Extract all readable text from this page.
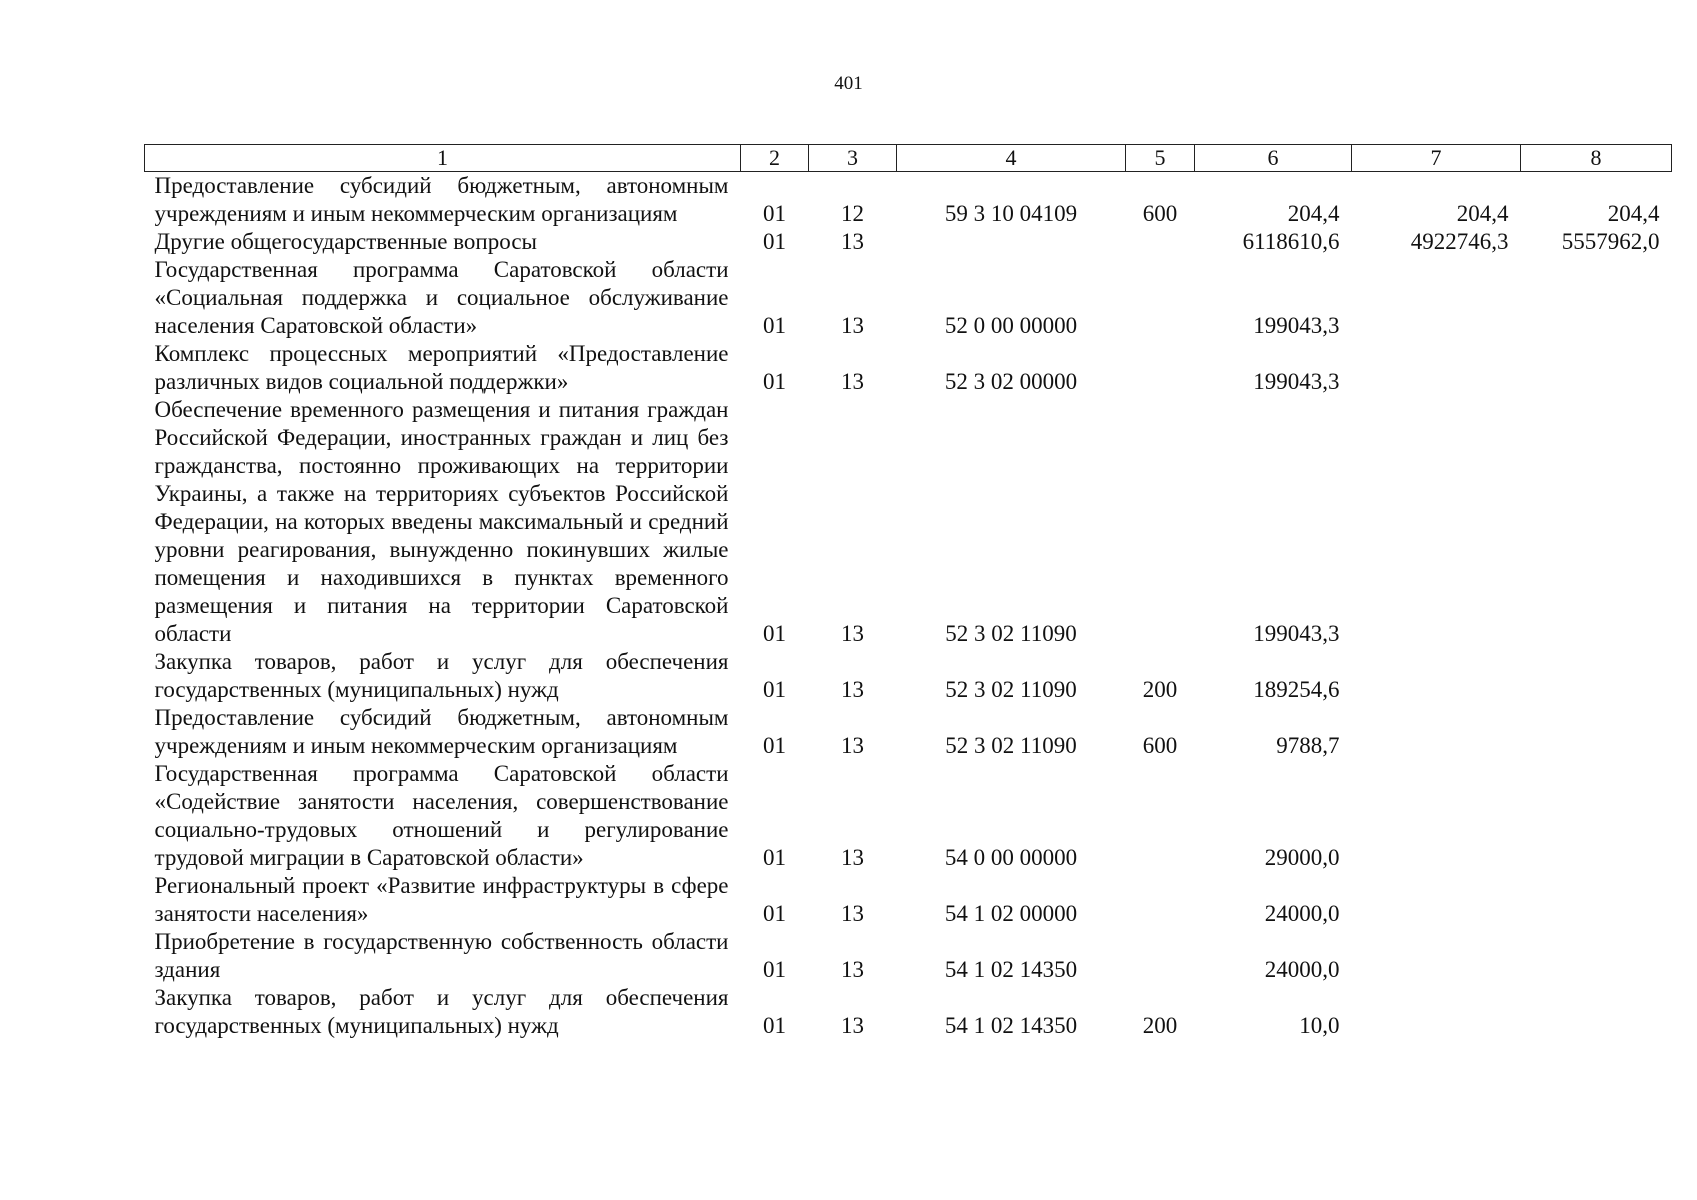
401
1	2	3	4	5	6	7	8
Предоставление субсидий бюджетным, автономным учреждениям и иным некоммерческим организациям	01	12	59 3 10 04109	600	204,4	204,4	204,4
Другие общегосударственные вопросы	01	13			6118610,6	4922746,3	5557962,0
Государственная программа Саратовской области «Социальная поддержка и социальное обслуживание населения Саратовской области»	01	13	52 0 00 00000		199043,3		
Комплекс процессных мероприятий «Предоставление различных видов социальной поддержки»	01	13	52 3 02 00000		199043,3		
Обеспечение временного размещения и питания граждан Российской Федерации, иностранных граждан и лиц без гражданства, постоянно проживающих на территории Украины, а также на территориях субъектов Российской Федерации, на которых введены максимальный и средний уровни реагирования, вынужденно покинувших жилые помещения и находившихся в пунктах временного размещения и питания на территории Саратовской области	01	13	52 3 02 11090		199043,3		
Закупка товаров, работ и услуг для обеспечения государственных (муниципальных) нужд	01	13	52 3 02 11090	200	189254,6		
Предоставление субсидий бюджетным, автономным учреждениям и иным некоммерческим организациям	01	13	52 3 02 11090	600	9788,7		
Государственная программа Саратовской области «Содействие занятости населения, совершенствование социально-трудовых отношений и регулирование трудовой миграции в Саратовской области»	01	13	54 0 00 00000		29000,0		
Региональный проект «Развитие инфраструктуры в сфере занятости населения»	01	13	54 1 02 00000		24000,0		
Приобретение в государственную собственность области здания	01	13	54 1 02 14350		24000,0		
Закупка товаров, работ и услуг для обеспечения государственных (муниципальных) нужд	01	13	54 1 02 14350	200	10,0		
